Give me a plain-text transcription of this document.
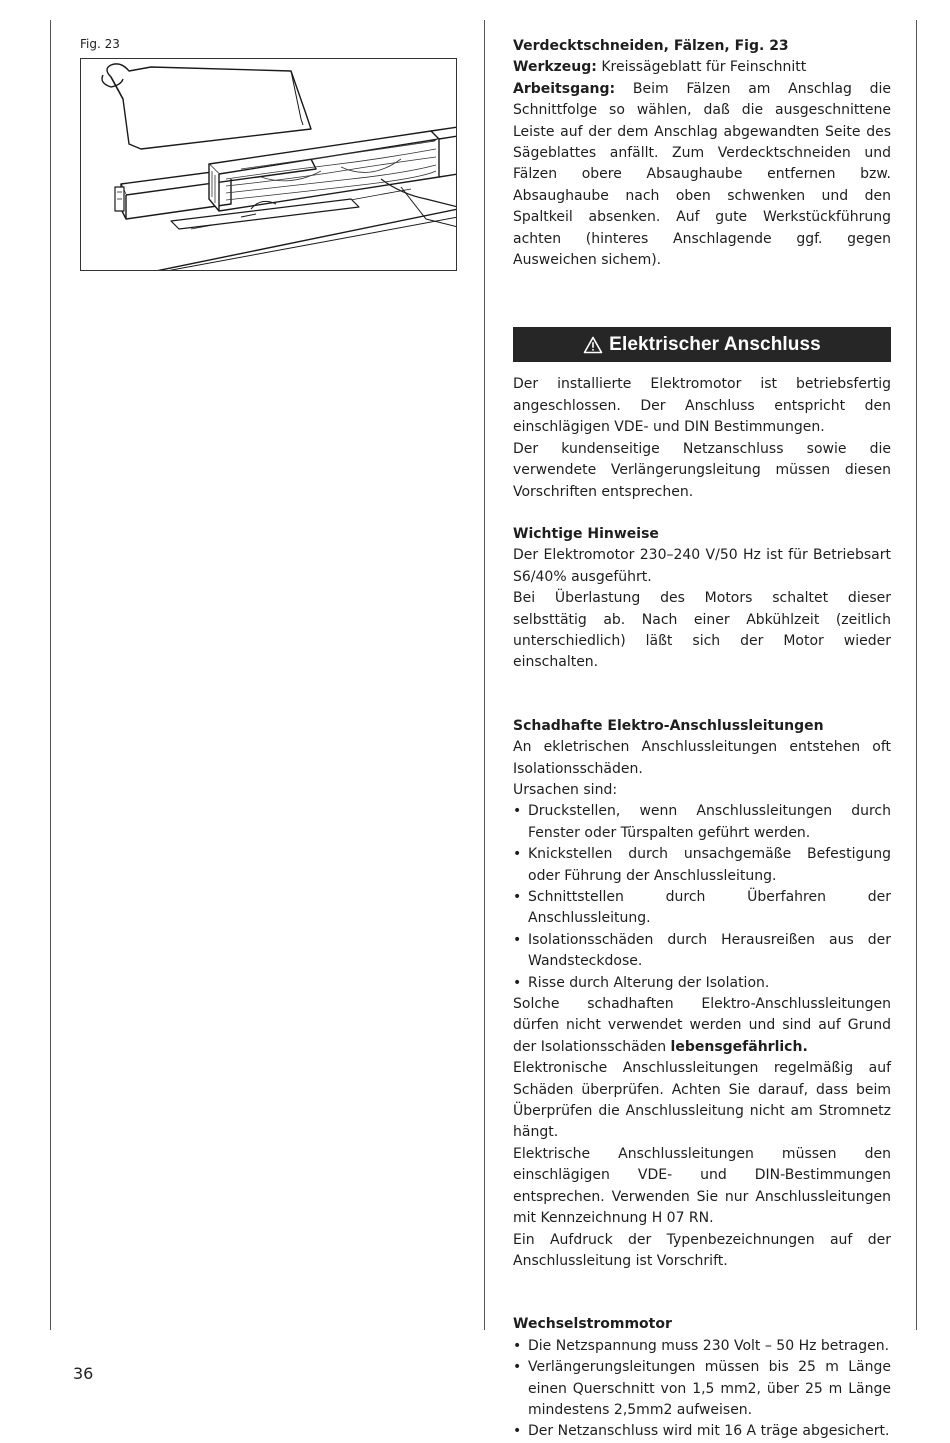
Fig. 23	Verdecktschneiden, Fälzen, Fig. 23

Werkzeug: Kreissägeblatt für Feinschnitt

Arbeitsgang: Beim Fälzen am Anschlag die Schnittfolge so wählen, daß die ausgeschnittene Leiste auf der dem Anschlag abgewandten Seite des Sägeblattes anfällt. Zum Verdecktschneiden und Fälzen obere Absaughaube entfernen bzw. Absaughaube nach oben schwenken und den Spaltkeil absenken. Auf gute Werkstückführung achten (hinteres Anschlagende ggf. gegen Ausweichen sichem).

Elektrischer Anschluss

Der installierte Elektromotor ist betriebsfertig angeschlossen. Der Anschluss entspricht den einschlägigen VDE- und DIN Bestimmungen.

Der kundenseitige Netzanschluss sowie die verwendete Verlängerungsleitung müssen diesen Vorschriften entsprechen.

Wichtige Hinweise

Der Elektromotor 230–240 V/50 Hz ist für Betriebsart S6/40% ausgeführt.

Bei Überlastung des Motors schaltet dieser selbsttätig ab. Nach einer Abkühlzeit (zeitlich unterschiedlich) läßt sich der Motor wieder einschalten.

Schadhafte Elektro-Anschlussleitungen

An ekletrischen Anschlussleitungen entstehen oft Isolationsschäden.

Ursachen sind:

• Druckstellen, wenn Anschlussleitungen durch Fenster oder Türspalten geführt werden.
• Knickstellen durch unsachgemäße Befestigung oder Führung der Anschlussleitung.
• Schnittstellen durch Überfahren der Anschlussleitung.
• Isolationsschäden durch Herausreißen aus der Wandsteckdose.
• Risse durch Alterung der Isolation.

Solche schadhaften Elektro-Anschlussleitungen dürfen nicht verwendet werden und sind auf Grund der Isolationsschäden lebensgefährlich.

Elektronische Anschlussleitungen regelmäßig auf Schäden überprüfen. Achten Sie darauf, dass beim Überprüfen die Anschlussleitung nicht am Stromnetz hängt.

Elektrische Anschlussleitungen müssen den einschlägigen VDE- und DIN-Bestimmungen entsprechen. Verwenden Sie nur Anschlussleitungen mit Kennzeichnung H 07 RN.

Ein Aufdruck der Typenbezeichnungen auf der Anschlussleitung ist Vorschrift.

Wechselstrommotor

• Die Netzspannung muss 230 Volt – 50 Hz betragen.
• Verlängerungsleitungen müssen bis 25 m Länge einen Querschnitt von 1,5 mm2, über 25 m Länge mindestens 2,5mm2 aufweisen.
• Der Netzanschluss wird mit 16 A träge abgesichert.
36
